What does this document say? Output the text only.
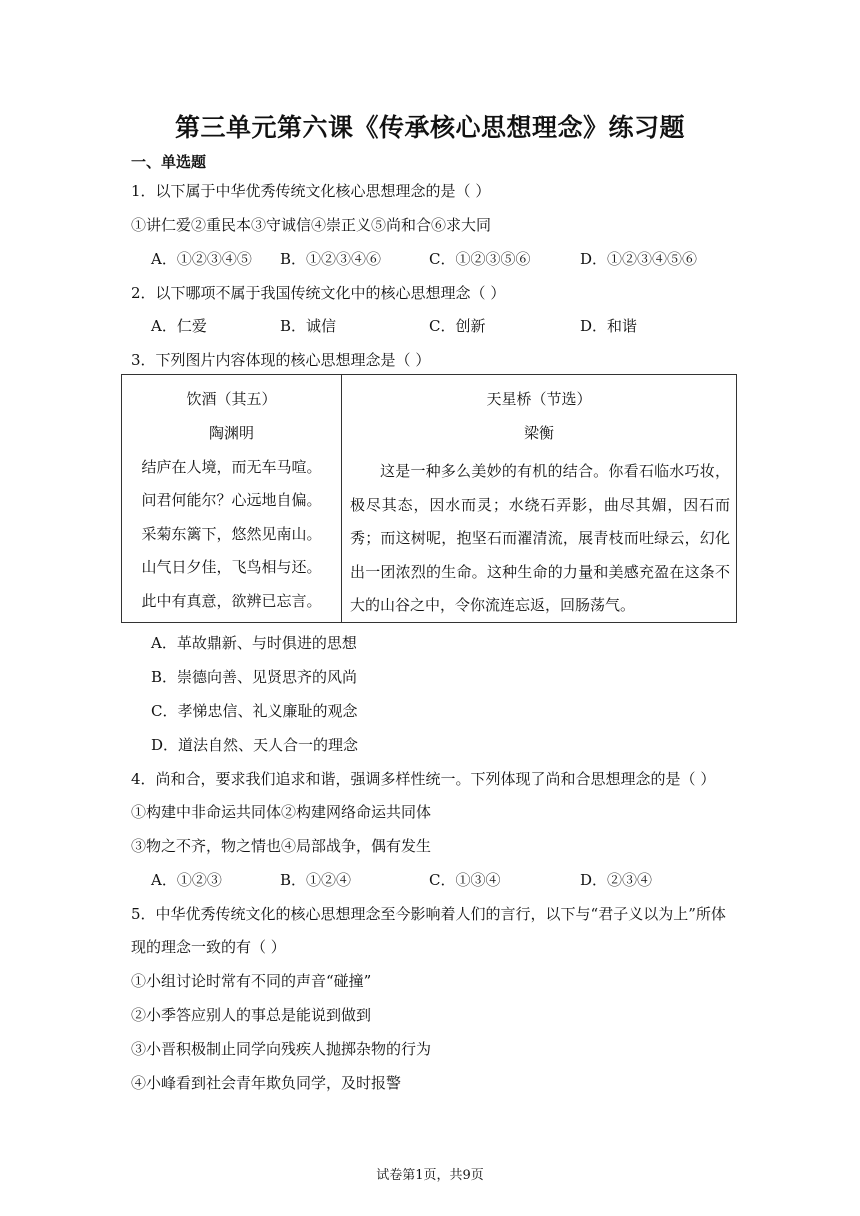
第三单元第六课《传承核心思想理念》练习题
一、单选题
1．以下属于中华优秀传统文化核心思想理念的是（ ）
①讲仁爱②重民本③守诚信④崇正义⑤尚和合⑥求大同
A．①②③④⑤ B．①②③④⑥	C．①②③⑤⑥	D．①②③④⑤⑥
2．以下哪项不属于我国传统文化中的核心思想理念（ ）
A．仁爱	B．诚信	C．创新	D．和谐
3．下列图片内容体现的核心思想理念是（ ）
饮酒（其五）
陶渊明
结庐在人境，而无车马喧。
问君何能尔？心远地自偏。
采菊东篱下，悠然见南山。
山气日夕佳，飞鸟相与还。
此中有真意，欲辨已忘言。
天星桥（节选）
梁衡
这是一种多么美妙的有机的结合。你看石临水巧妆，极尽其态，因水而灵；水绕石弄影，曲尽其媚，因石而秀；而这树呢，抱坚石而濯清流，展青枝而吐绿云，幻化出一团浓烈的生命。这种生命的力量和美感充盈在这条不大的山谷之中，令你流连忘返，回肠荡气。
A．革故鼎新、与时俱进的思想
B．崇德向善、见贤思齐的风尚
C．孝悌忠信、礼义廉耻的观念
D．道法自然、天人合一的理念
4．尚和合，要求我们追求和谐，强调多样性统一。下列体现了尚和合思想理念的是（ ）
①构建中非命运共同体②构建网络命运共同体
③物之不齐，物之情也④局部战争，偶有发生
A．①②③	B．①②④	C．①③④	D．②③④
5．中华优秀传统文化的核心思想理念至今影响着人们的言行，以下与“君子义以为上”所体
现的理念一致的有（ ）
①小组讨论时常有不同的声音“碰撞”
②小季答应别人的事总是能说到做到
③小晋积极制止同学向残疾人抛掷杂物的行为
④小峰看到社会青年欺负同学，及时报警
试卷第1页，共9页
